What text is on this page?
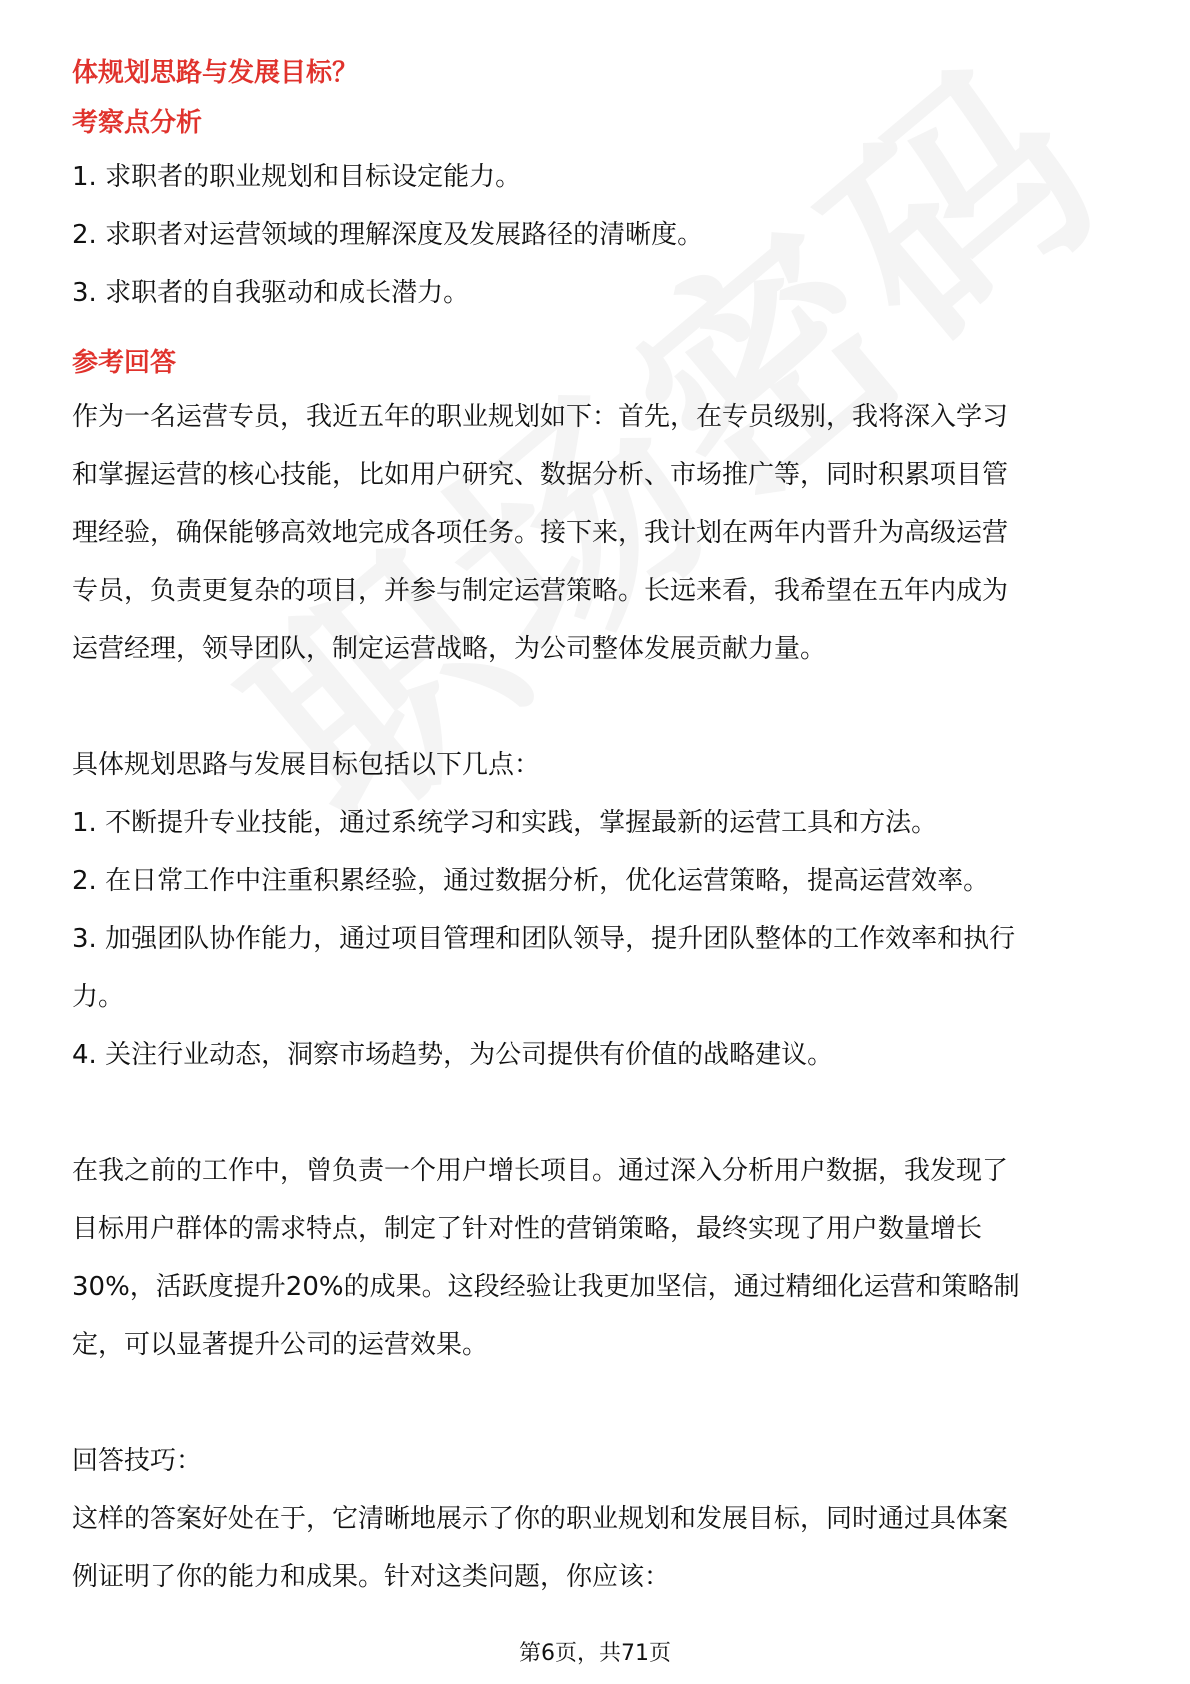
体规划思路与发展目标？

考察点分析

1. 求职者的职业规划和目标设定能力。

2. 求职者对运营领域的理解深度及发展路径的清晰度。

3. 求职者的自我驱动和成长潜力。

参考回答

作为一名运营专员，我近五年的职业规划如下：首先，在专员级别，我将深入学习

和掌握运营的核心技能，比如用户研究、数据分析、市场推广等，同时积累项目管

理经验，确保能够高效地完成各项任务。接下来，我计划在两年内晋升为高级运营

专员，负责更复杂的项目，并参与制定运营策略。长远来看，我希望在五年内成为

运营经理，领导团队，制定运营战略，为公司整体发展贡献力量。

具体规划思路与发展目标包括以下几点：

1. 不断提升专业技能，通过系统学习和实践，掌握最新的运营工具和方法。

2. 在日常工作中注重积累经验，通过数据分析，优化运营策略，提高运营效率。

3. 加强团队协作能力，通过项目管理和团队领导，提升团队整体的工作效率和执行

力。

4. 关注行业动态，洞察市场趋势，为公司提供有价值的战略建议。

在我之前的工作中，曾负责一个用户增长项目。通过深入分析用户数据，我发现了

目标用户群体的需求特点，制定了针对性的营销策略，最终实现了用户数量增长

30%，活跃度提升20%的成果。这段经验让我更加坚信，通过精细化运营和策略制

定，可以显著提升公司的运营效果。

回答技巧：

这样的答案好处在于，它清晰地展示了你的职业规划和发展目标，同时通过具体案

例证明了你的能力和成果。针对这类问题，你应该：

第6页，共71页
